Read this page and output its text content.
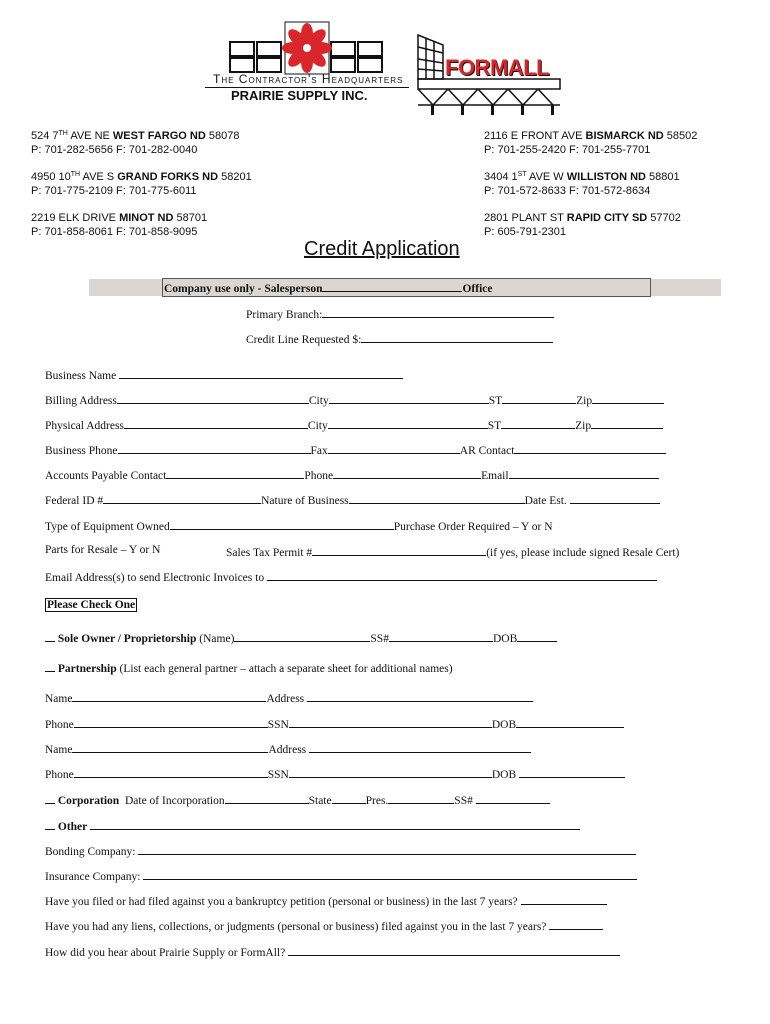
The Contractor's Headquarters
PRAIRIE SUPPLY INC.
FORMALL
524 7TH AVE NE WEST FARGO ND 58078
P: 701-282-5656 F: 701-282-0040
4950 10TH AVE S GRAND FORKS ND 58201
P: 701-775-2109 F: 701-775-6011
2219 ELK DRIVE MINOT ND 58701
P: 701-858-8061 F: 701-858-9095
2116 E FRONT AVE BISMARCK ND 58502
P: 701-255-2420 F: 701-255-7701
3404 1ST AVE W WILLISTON ND 58801
P: 701-572-8633 F: 701-572-8634
2801 PLANT ST RAPID CITY SD 57702
P: 605-791-2301
Credit Application
Company use only - Salesperson	Office
Primary Branch:
Credit Line Requested $:
Business Name
Billing Address	City	ST	Zip
Physical Address	City	ST	Zip
Business Phone	Fax	AR Contact
Accounts Payable Contact	Phone	Email
Federal ID #	Nature of Business	Date Est.
Type of Equipment Owned	Purchase Order Required – Y or N
Parts for Resale – Y or N	Sales Tax Permit #	(if yes, please include signed Resale Cert)
Email Address(s) to send Electronic Invoices to
Please Check One
Sole Owner / Proprietorship (Name)	SS#	DOB
Partnership (List each general partner – attach a separate sheet for additional names)
Name	Address
Phone	SSN	DOB
Name	Address
Phone	SSN	DOB
Corporation Date of Incorporation	State	Pres.	SS#
Other
Bonding Company:
Insurance Company:
Have you filed or had filed against you a bankruptcy petition (personal or business) in the last 7 years?
Have you had any liens, collections, or judgments (personal or business) filed against you in the last 7 years?
How did you hear about Prairie Supply or FormAll?
